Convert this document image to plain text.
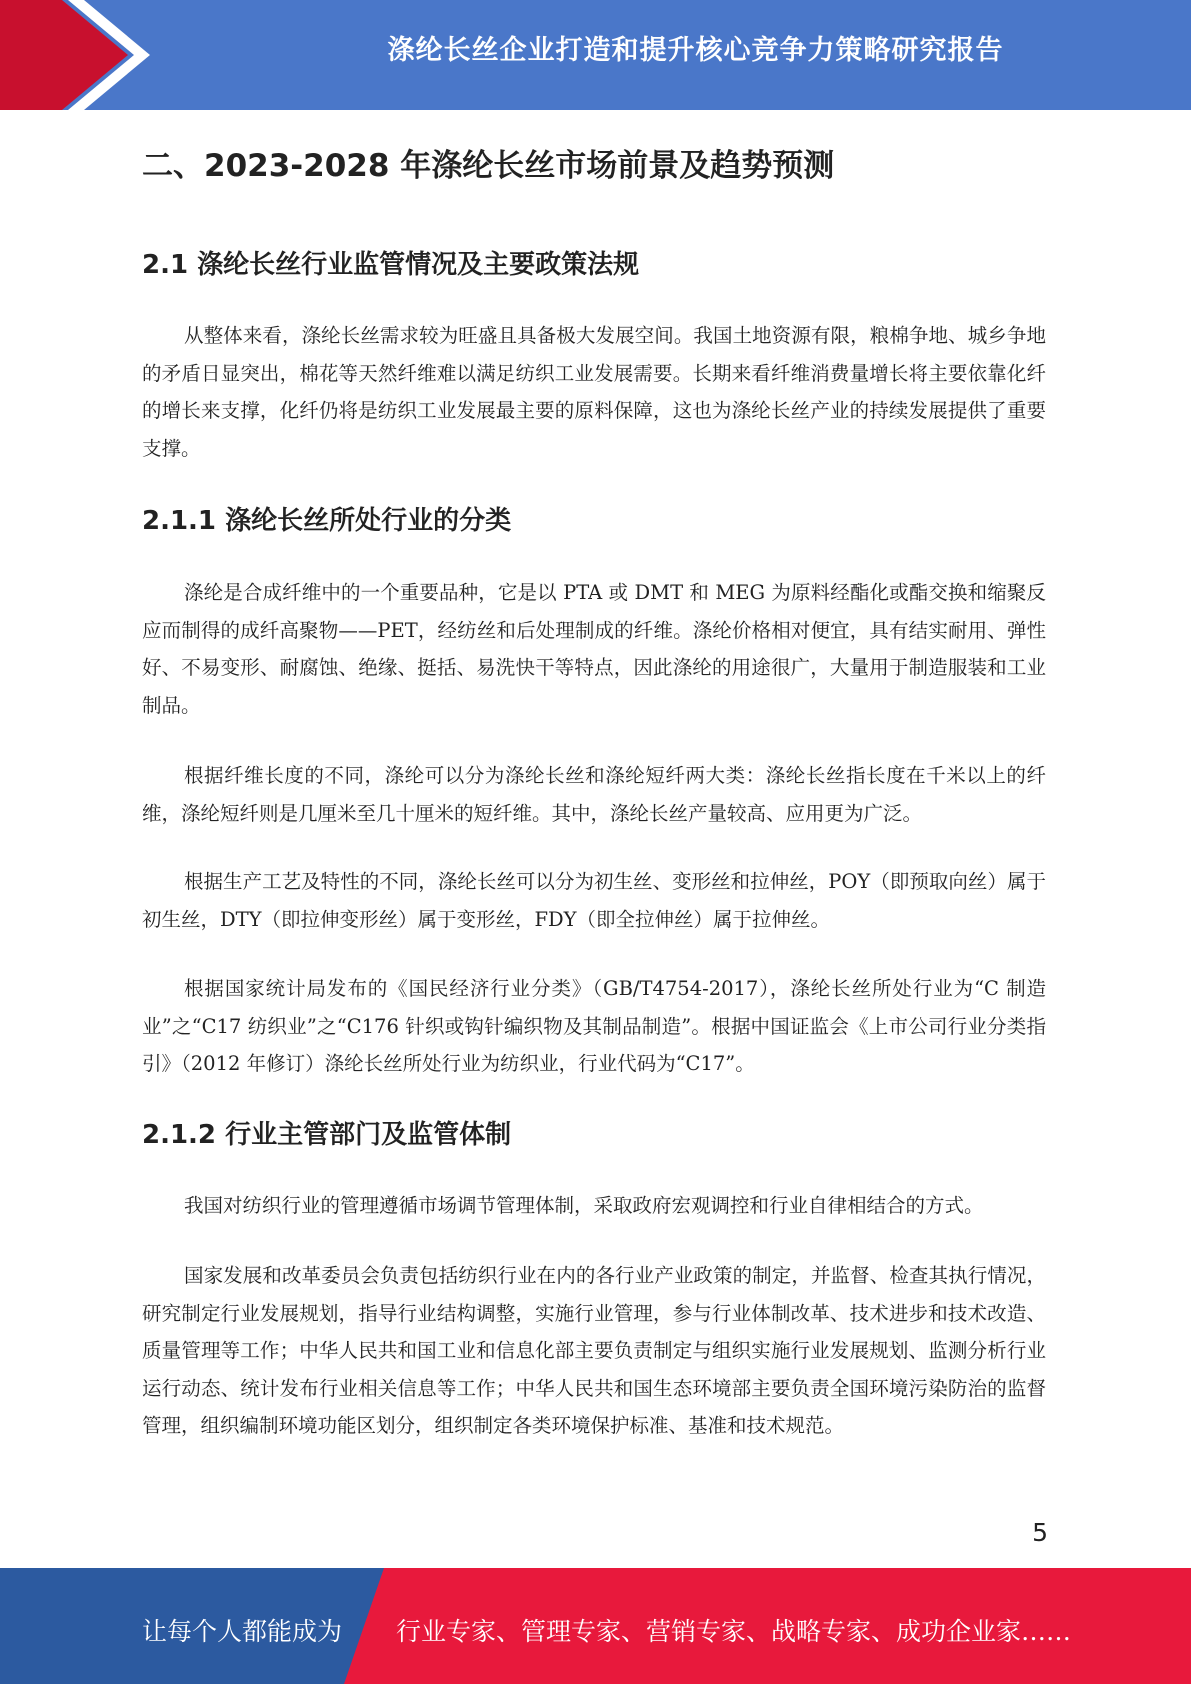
涤纶长丝企业打造和提升核心竞争力策略研究报告
二、2023-2028 年涤纶长丝市场前景及趋势预测
2.1 涤纶长丝行业监管情况及主要政策法规

从整体来看，涤纶长丝需求较为旺盛且具备极大发展空间。我国土地资源有限，粮棉争地、城乡争地的矛盾日显突出，棉花等天然纤维难以满足纺织工业发展需要。长期来看纤维消费量增长将主要依靠化纤的增长来支撑，化纤仍将是纺织工业发展最主要的原料保障，这也为涤纶长丝产业的持续发展提供了重要支撑。

2.1.1 涤纶长丝所处行业的分类

涤纶是合成纤维中的一个重要品种，它是以 PTA 或 DMT 和 MEG 为原料经酯化或酯交换和缩聚反应而制得的成纤高聚物——PET，经纺丝和后处理制成的纤维。涤纶价格相对便宜，具有结实耐用、弹性好、不易变形、耐腐蚀、绝缘、挺括、易洗快干等特点，因此涤纶的用途很广，大量用于制造服装和工业制品。

根据纤维长度的不同，涤纶可以分为涤纶长丝和涤纶短纤两大类：涤纶长丝指长度在千米以上的纤维，涤纶短纤则是几厘米至几十厘米的短纤维。其中，涤纶长丝产量较高、应用更为广泛。

根据生产工艺及特性的不同，涤纶长丝可以分为初生丝、变形丝和拉伸丝，POY（即预取向丝）属于初生丝，DTY（即拉伸变形丝）属于变形丝，FDY（即全拉伸丝）属于拉伸丝。

根据国家统计局发布的《国民经济行业分类》（GB/T4754-2017），涤纶长丝所处行业为“C 制造业”之“C17 纺织业”之“C176 针织或钩针编织物及其制品制造”。根据中国证监会《上市公司行业分类指引》（2012 年修订）涤纶长丝所处行业为纺织业，行业代码为“C17”。

2.1.2 行业主管部门及监管体制

我国对纺织行业的管理遵循市场调节管理体制，采取政府宏观调控和行业自律相结合的方式。

国家发展和改革委员会负责包括纺织行业在内的各行业产业政策的制定，并监督、检查其执行情况，研究制定行业发展规划，指导行业结构调整，实施行业管理，参与行业体制改革、技术进步和技术改造、质量管理等工作；中华人民共和国工业和信息化部主要负责制定与组织实施行业发展规划、监测分析行业运行动态、统计发布行业相关信息等工作；中华人民共和国生态环境部主要负责全国环境污染防治的监督管理，组织编制环境功能区划分，组织制定各类环境保护标准、基准和技术规范。

5
让每个人都能成为 行业专家、管理专家、营销专家、战略专家、成功企业家……
